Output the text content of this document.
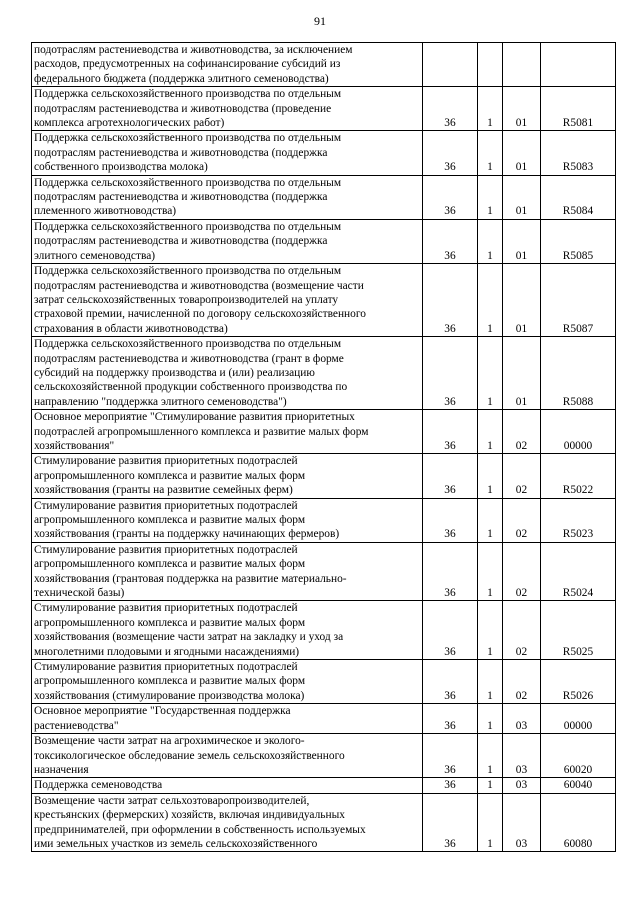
91
подотраслям растениеводства и животноводства, за исключением
расходов, предусмотренных на софинансирование субсидий из
федерального бюджета (поддержка элитного семеноводства)				

Поддержка сельскохозяйственного производства по отдельным
подотраслям растениеводства и животноводства (проведение
комплекса агротехнологических работ)	36	1	01	R5081

Поддержка сельскохозяйственного производства по отдельным
подотраслям растениеводства и животноводства (поддержка
собственного производства молока)	36	1	01	R5083

Поддержка сельскохозяйственного производства по отдельным
подотраслям растениеводства и животноводства (поддержка
племенного животноводства)	36	1	01	R5084

Поддержка сельскохозяйственного производства по отдельным
подотраслям растениеводства и животноводства (поддержка
элитного семеноводства)	36	1	01	R5085

Поддержка сельскохозяйственного производства по отдельным
подотраслям растениеводства и животноводства (возмещение части
затрат сельскохозяйственных товаропроизводителей на уплату
страховой премии, начисленной по договору сельскохозяйственного
страхования в области животноводства)	36	1	01	R5087

Поддержка сельскохозяйственного производства по отдельным
подотраслям растениеводства и животноводства (грант в форме
субсидий на поддержку производства и (или) реализацию
сельскохозяйственной продукции собственного производства по
направлению "поддержка элитного семеноводства")	36	1	01	R5088

Основное мероприятие "Стимулирование развития приоритетных
подотраслей агропромышленного комплекса и развитие малых форм
хозяйствования"	36	1	02	00000

Стимулирование развития приоритетных подотраслей
агропромышленного комплекса и развитие малых форм
хозяйствования (гранты на развитие семейных ферм)	36	1	02	R5022

Стимулирование развития приоритетных подотраслей
агропромышленного комплекса и развитие малых форм
хозяйствования (гранты на поддержку начинающих фермеров)	36	1	02	R5023

Стимулирование развития приоритетных подотраслей
агропромышленного комплекса и развитие малых форм
хозяйствования (грантовая поддержка на развитие материально-
технической базы)	36	1	02	R5024

Стимулирование развития приоритетных подотраслей
агропромышленного комплекса и развитие малых форм
хозяйствования (возмещение части затрат на закладку и уход за
многолетними плодовыми и ягодными насаждениями)	36	1	02	R5025

Стимулирование развития приоритетных подотраслей
агропромышленного комплекса и развитие малых форм
хозяйствования (стимулирование производства молока)	36	1	02	R5026

Основное мероприятие "Государственная поддержка
растениеводства"	36	1	03	00000

Возмещение части затрат на агрохимическое и эколого-
токсикологическое обследование земель сельскохозяйственного
назначения	36	1	03	60020

Поддержка семеноводства	36	1	03	60040

Возмещение части затрат сельхозтоваропроизводителей,
крестьянских (фермерских) хозяйств, включая индивидуальных
предпринимателей, при оформлении в собственность используемых
ими земельных участков из земель сельскохозяйственного	36	1	03	60080
